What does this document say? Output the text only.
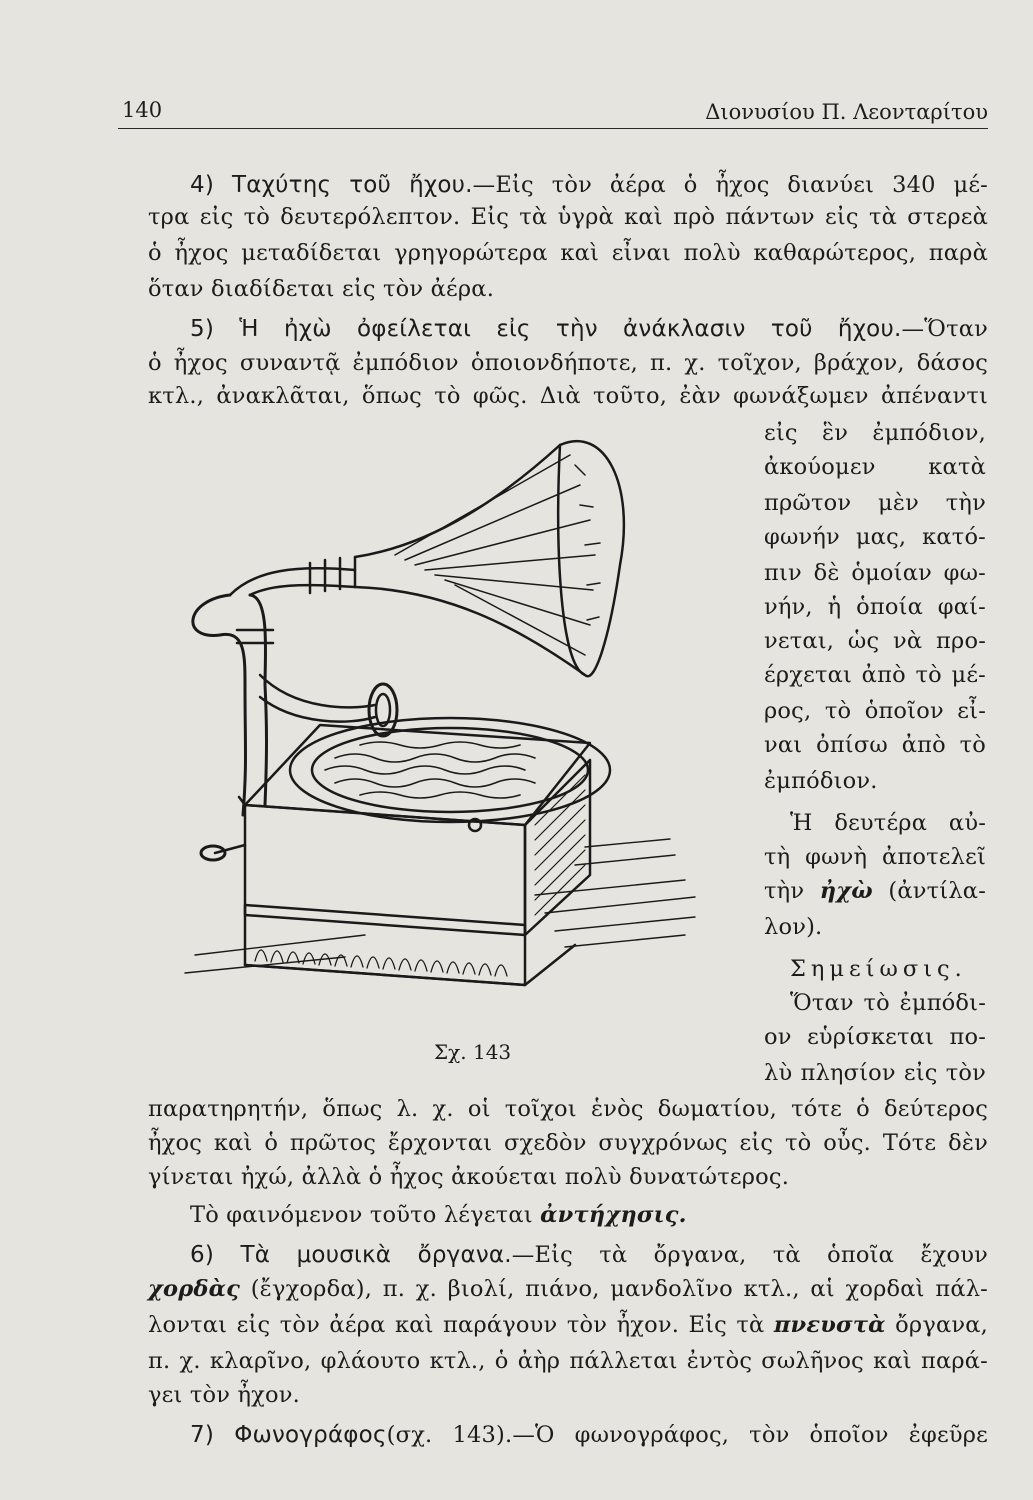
140	Διονυσίου Π. Λεονταρίτου
4) Ταχύτης τοῦ ἤχου.—Εἰς τὸν ἀέρα ὁ ἦχος διανύει 340 μέ-
τρα εἰς τὸ δευτερόλεπτον. Εἰς τὰ ὑγρὰ καὶ πρὸ πάντων εἰς τὰ στερεὰ
ὁ ἦχος μεταδίδεται γρηγορώτερα καὶ εἶναι πολὺ καθαρώτερος, παρὰ
ὅταν διαδίδεται εἰς τὸν ἀέρα.
5) Ἡ ἠχὼ ὀφείλεται εἰς τὴν ἀνάκλασιν τοῦ ἤχου.—Ὅταν
ὁ ἦχος συναντᾷ ἐμπόδιον ὁποιονδήποτε, π. χ. τοῖχον, βράχον, δάσος
κτλ., ἀνακλᾶται, ὅπως τὸ φῶς. Διὰ τοῦτο, ἐὰν φωνάξωμεν ἀπέναντι
εἰς ἓν ἐμπόδιον,
ἀκούομεν κατὰ
πρῶτον μὲν τὴν
φωνήν μας, κατό-
πιν δὲ ὁμοίαν φω-
νήν, ἡ ὁποία φαί-
νεται, ὡς νὰ προ-
έρχεται ἀπὸ τὸ μέ-
ρος, τὸ ὁποῖον εἶ-
ναι ὀπίσω ἀπὸ τὸ
ἐμπόδιον.
Ἡ δευτέρα αὐ-
τὴ φωνὴ ἀποτελεῖ
τὴν ἠχὼ (ἀντίλα-
λον).
Σημείωσις.
Ὅταν τὸ ἐμπόδι-
ον εὑρίσκεται πο-
λὺ πλησίον εἰς τὸν
Σχ. 143
παρατηρητήν, ὅπως λ. χ. οἱ τοῖχοι ἑνὸς δωματίου, τότε ὁ δεύτερος
ἦχος καὶ ὁ πρῶτος ἔρχονται σχεδὸν συγχρόνως εἰς τὸ οὖς. Τότε δὲν
γίνεται ἠχώ, ἀλλὰ ὁ ἦχος ἀκούεται πολὺ δυνατώτερος.
Τὸ φαινόμενον τοῦτο λέγεται ἀντήχησις.
6) Τὰ μουσικὰ ὄργανα.—Εἰς τὰ ὄργανα, τὰ ὁποῖα ἔχουν
χορδὰς (ἔγχορδα), π. χ. βιολί, πιάνο, μανδολῖνο κτλ., αἱ χορδαὶ πάλ-
λονται εἰς τὸν ἀέρα καὶ παράγουν τὸν ἦχον. Εἰς τὰ πνευστὰ ὄργανα,
π. χ. κλαρῖνο, φλάουτο κτλ., ὁ ἀὴρ πάλλεται ἐντὸς σωλῆνος καὶ παρά-
γει τὸν ἦχον.
7) Φωνογράφος(σχ. 143).—Ὁ φωνογράφος, τὸν ὁποῖον ἐφεῦρε
